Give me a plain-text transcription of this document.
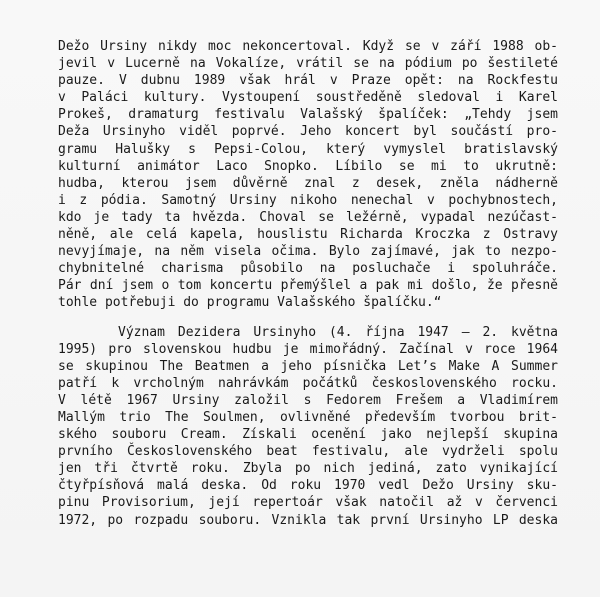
Dežo Ursiny nikdy moc nekoncertoval. Když se v září 1988 ob-
jevil v Lucerně na Vokalíze, vrátil se na pódium po šestileté
pauze. V dubnu 1989 však hrál v Praze opět: na Rockfestu
v Paláci kultury. Vystoupení soustředěně sledoval i Karel
Prokeš, dramaturg festivalu Valašský špalíček: „Tehdy jsem
Deža Ursinyho viděl poprvé. Jeho koncert byl součástí pro-
gramu Halušky s Pepsi-Colou, který vymyslel bratislavský
kulturní animátor Laco Snopko. Líbilo se mi to ukrutně:
hudba, kterou jsem důvěrně znal z desek, zněla nádherně
i z pódia. Samotný Ursiny nikoho nenechal v pochybnostech,
kdo je tady ta hvězda. Choval se ležérně, vypadal nezúčast-
něně, ale celá kapela, houslistu Richarda Kroczka z Ostravy
nevyjímaje, na něm visela očima. Bylo zajímavé, jak to nezpo-
chybnitelné charisma působilo na posluchače i spoluhráče.
Pár dní jsem o tom koncertu přemýšlel a pak mi došlo, že přesně
tohle potřebuji do programu Valašského špalíčku.“
Význam Dezidera Ursinyho (4. října 1947 – 2. května
1995) pro slovenskou hudbu je mimořádný. Začínal v roce 1964
se skupinou The Beatmen a jeho písnička Let’s Make A Summer
patří k vrcholným nahrávkám počátků československého rocku.
V létě 1967 Ursiny založil s Fedorem Frešem a Vladimírem
Mallým trio The Soulmen, ovlivněné především tvorbou brit-
ského souboru Cream. Získali ocenění jako nejlepší skupina
prvního Československého beat festivalu, ale vydrželi spolu
jen tři čtvrtě roku. Zbyla po nich jediná, zato vynikající
čtyřpísňová malá deska. Od roku 1970 vedl Dežo Ursiny sku-
pinu Provisorium, její repertoár však natočil až v červenci
1972, po rozpadu souboru. Vznikla tak první Ursinyho LP deska
